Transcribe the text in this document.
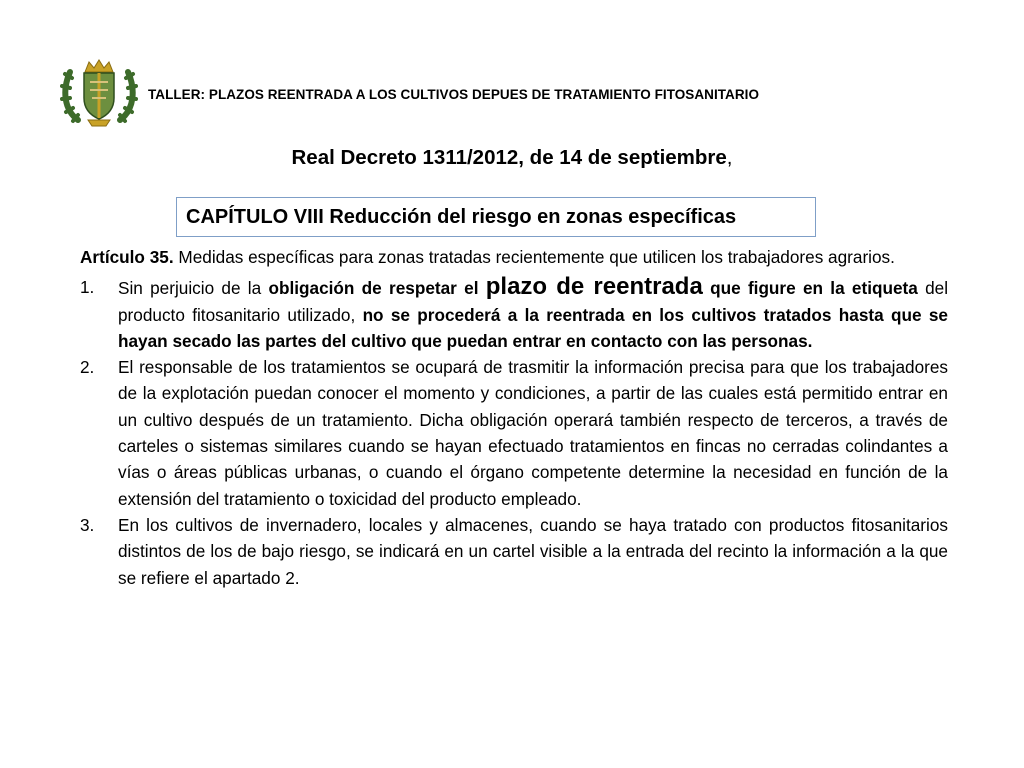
TALLER: PLAZOS REENTRADA A LOS CULTIVOS DEPUES DE TRATAMIENTO FITOSANITARIO
Real Decreto 1311/2012, de 14 de septiembre,
CAPÍTULO VIII Reducción del riesgo en zonas específicas

Artículo 35. Medidas específicas para zonas tratadas recientemente que utilicen los trabajadores agrarios.

1. Sin perjuicio de la obligación de respetar el plazo de reentrada que figure en la etiqueta del producto fitosanitario utilizado, no se procederá a la reentrada en los cultivos tratados hasta que se hayan secado las partes del cultivo que puedan entrar en contacto con las personas.
2. El responsable de los tratamientos se ocupará de trasmitir la información precisa para que los trabajadores de la explotación puedan conocer el momento y condiciones, a partir de las cuales está permitido entrar en un cultivo después de un tratamiento. Dicha obligación operará también respecto de terceros, a través de carteles o sistemas similares cuando se hayan efectuado tratamientos en fincas no cerradas colindantes a vías o áreas públicas urbanas, o cuando el órgano competente determine la necesidad en función de la extensión del tratamiento o toxicidad del producto empleado.
3. En los cultivos de invernadero, locales y almacenes, cuando se haya tratado con productos fitosanitarios distintos de los de bajo riesgo, se indicará en un cartel visible a la entrada del recinto la información a la que se refiere el apartado 2.
